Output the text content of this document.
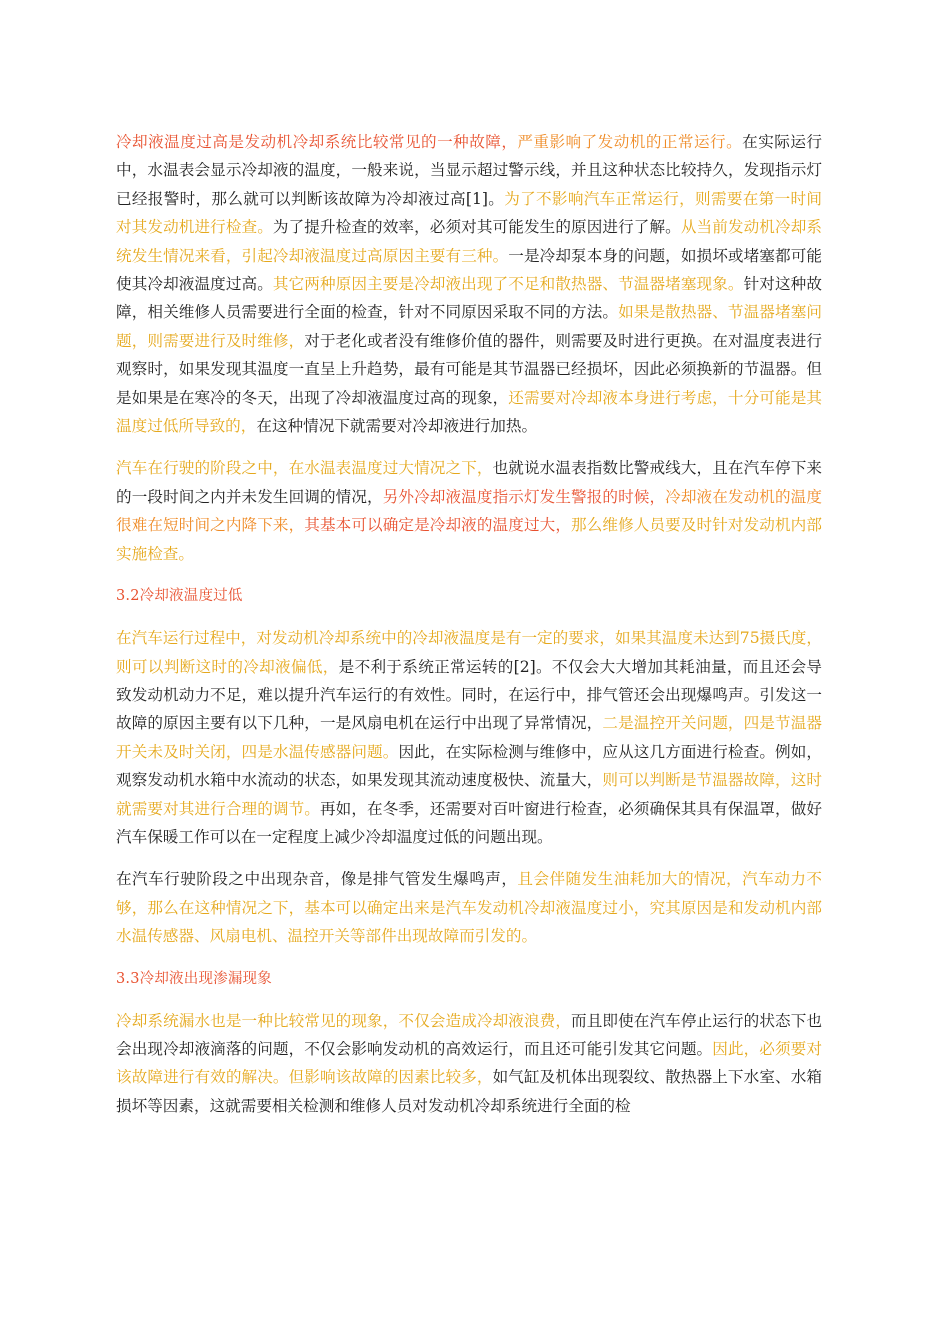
冷却液温度过高是发动机冷却系统比较常见的一种故障，严重影响了发动机的正常运行。在实际运行中，水温表会显示冷却液的温度，一般来说，当显示超过警示线，并且这种状态比较持久，发现指示灯已经报警时，那么就可以判断该故障为冷却液过高[1]。为了不影响汽车正常运行，则需要在第一时间对其发动机进行检查。为了提升检查的效率，必须对其可能发生的原因进行了解。从当前发动机冷却系统发生情况来看，引起冷却液温度过高原因主要有三种。一是冷却泵本身的问题，如损坏或堵塞都可能使其冷却液温度过高。其它两种原因主要是冷却液出现了不足和散热器、节温器堵塞现象。针对这种故障，相关维修人员需要进行全面的检查，针对不同原因采取不同的方法。如果是散热器、节温器堵塞问题，则需要进行及时维修，对于老化或者没有维修价值的器件，则需要及时进行更换。在对温度表进行观察时，如果发现其温度一直呈上升趋势，最有可能是其节温器已经损坏，因此必须换新的节温器。但是如果是在寒冷的冬天，出现了冷却液温度过高的现象，还需要对冷却液本身进行考虑，十分可能是其温度过低所导致的，在这种情况下就需要对冷却液进行加热。

汽车在行驶的阶段之中，在水温表温度过大情况之下，也就说水温表指数比警戒线大，且在汽车停下来的一段时间之内并未发生回调的情况，另外冷却液温度指示灯发生警报的时候，冷却液在发动机的温度很难在短时间之内降下来，其基本可以确定是冷却液的温度过大，那么维修人员要及时针对发动机内部实施检查。

3.2冷却液温度过低

在汽车运行过程中，对发动机冷却系统中的冷却液温度是有一定的要求，如果其温度未达到75摄氏度，则可以判断这时的冷却液偏低，是不利于系统正常运转的[2]。不仅会大大增加其耗油量，而且还会导致发动机动力不足，难以提升汽车运行的有效性。同时，在运行中，排气管还会出现爆鸣声。引发这一故障的原因主要有以下几种，一是风扇电机在运行中出现了异常情况，二是温控开关问题，四是节温器开关未及时关闭，四是水温传感器问题。因此，在实际检测与维修中，应从这几方面进行检查。例如，观察发动机水箱中水流动的状态，如果发现其流动速度极快、流量大，则可以判断是节温器故障，这时就需要对其进行合理的调节。再如，在冬季，还需要对百叶窗进行检查，必须确保其具有保温罩，做好汽车保暖工作可以在一定程度上减少冷却温度过低的问题出现。

在汽车行驶阶段之中出现杂音，像是排气管发生爆鸣声，且会伴随发生油耗加大的情况，汽车动力不够，那么在这种情况之下，基本可以确定出来是汽车发动机冷却液温度过小，究其原因是和发动机内部水温传感器、风扇电机、温控开关等部件出现故障而引发的。

3.3冷却液出现渗漏现象

冷却系统漏水也是一种比较常见的现象，不仅会造成冷却液浪费，而且即使在汽车停止运行的状态下也会出现冷却液滴落的问题，不仅会影响发动机的高效运行，而且还可能引发其它问题。因此，必须要对该故障进行有效的解决。但影响该故障的因素比较多，如气缸及机体出现裂纹、散热器上下水室、水箱损坏等因素，这就需要相关检测和维修人员对发动机冷却系统进行全面的检
